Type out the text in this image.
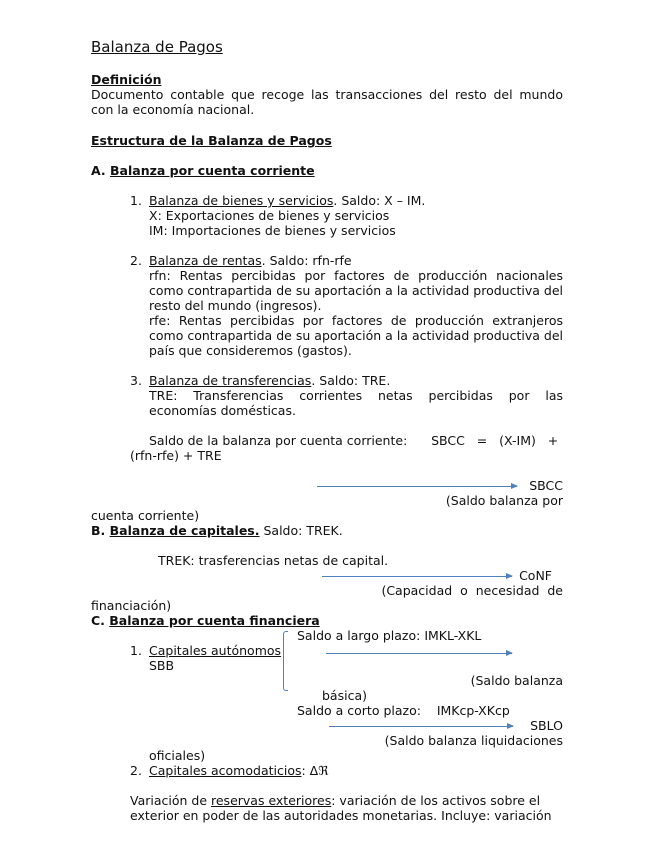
Balanza de Pagos
Definición
Documento contable que recoge las transacciones del resto del mundo con la economía nacional.
Estructura de la Balanza de Pagos
A. Balanza por cuenta corriente
1. Balanza de bienes y servicios. Saldo: X – IM.
X: Exportaciones de bienes y servicios
IM: Importaciones de bienes y servicios
2. Balanza de rentas. Saldo: rfn-rfe
rfn: Rentas percibidas por factores de producción nacionales como contrapartida de su aportación a la actividad productiva del resto del mundo (ingresos).
rfe: Rentas percibidas por factores de producción extranjeros como contrapartida de su aportación a la actividad productiva del país que consideremos (gastos).
3. Balanza de transferencias. Saldo: TRE.
TRE: Transferencias corrientes netas percibidas por las economías domésticas.
Saldo de la balanza por cuenta corriente:      SBCC   =   (X-IM)   +
(rfn-rfe) + TRE
SBCC
(Saldo balanza por
cuenta corriente)
B. Balanza de capitales. Saldo: TREK.
TREK: trasferencias netas de capital.
CoNF
(Capacidad  o  necesidad  de
financiación)
C. Balanza por cuenta financiera
Saldo a largo plazo: IMKL-XKL
1. Capitales autónomos
SBB
(Saldo balanza
básica)
Saldo a corto plazo:    IMKcp-XKcp
SBLO
(Saldo balanza liquidaciones
oficiales)
2. Capitales acomodaticios: Δℜ
Variación de reservas exteriores: variación de los activos sobre el
exterior en poder de las autoridades monetarias. Incluye: variación
